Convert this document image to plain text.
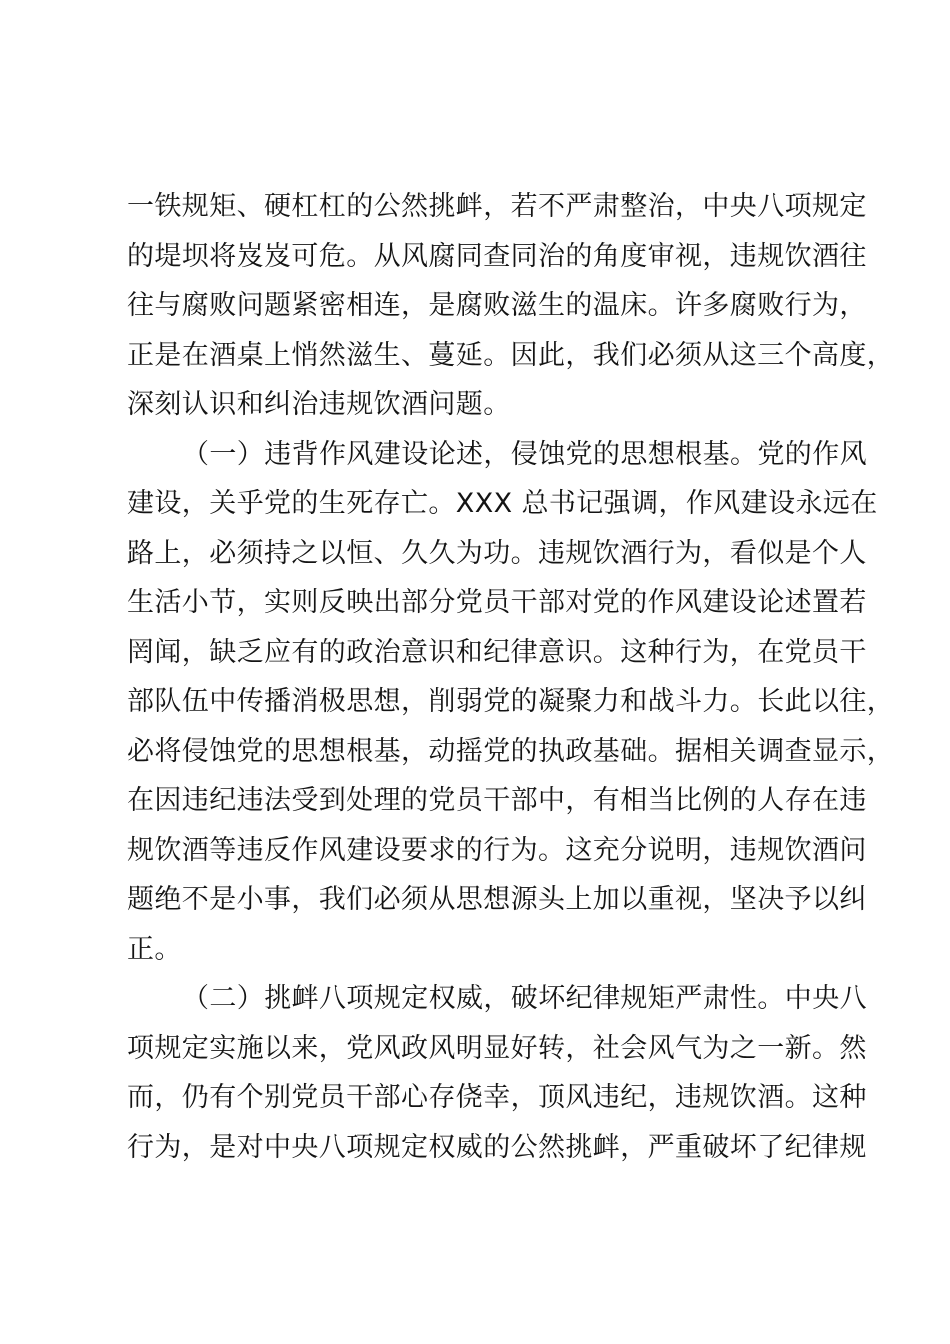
一铁规矩、硬杠杠的公然挑衅，若不严肃整治，中央八项规定
的堤坝将岌岌可危。从风腐同查同治的角度审视，违规饮酒往
往与腐败问题紧密相连，是腐败滋生的温床。许多腐败行为，
正是在酒桌上悄然滋生、蔓延。因此，我们必须从这三个高度，
深刻认识和纠治违规饮酒问题。
（一）违背作风建设论述，侵蚀党的思想根基。党的作风
建设，关乎党的生死存亡。XXX 总书记强调，作风建设永远在
路上，必须持之以恒、久久为功。违规饮酒行为，看似是个人
生活小节，实则反映出部分党员干部对党的作风建设论述置若
罔闻，缺乏应有的政治意识和纪律意识。这种行为，在党员干
部队伍中传播消极思想，削弱党的凝聚力和战斗力。长此以往，
必将侵蚀党的思想根基，动摇党的执政基础。据相关调查显示，
在因违纪违法受到处理的党员干部中，有相当比例的人存在违
规饮酒等违反作风建设要求的行为。这充分说明，违规饮酒问
题绝不是小事，我们必须从思想源头上加以重视，坚决予以纠
正。
（二）挑衅八项规定权威，破坏纪律规矩严肃性。中央八
项规定实施以来，党风政风明显好转，社会风气为之一新。然
而，仍有个别党员干部心存侥幸，顶风违纪，违规饮酒。这种
行为，是对中央八项规定权威的公然挑衅，严重破坏了纪律规
